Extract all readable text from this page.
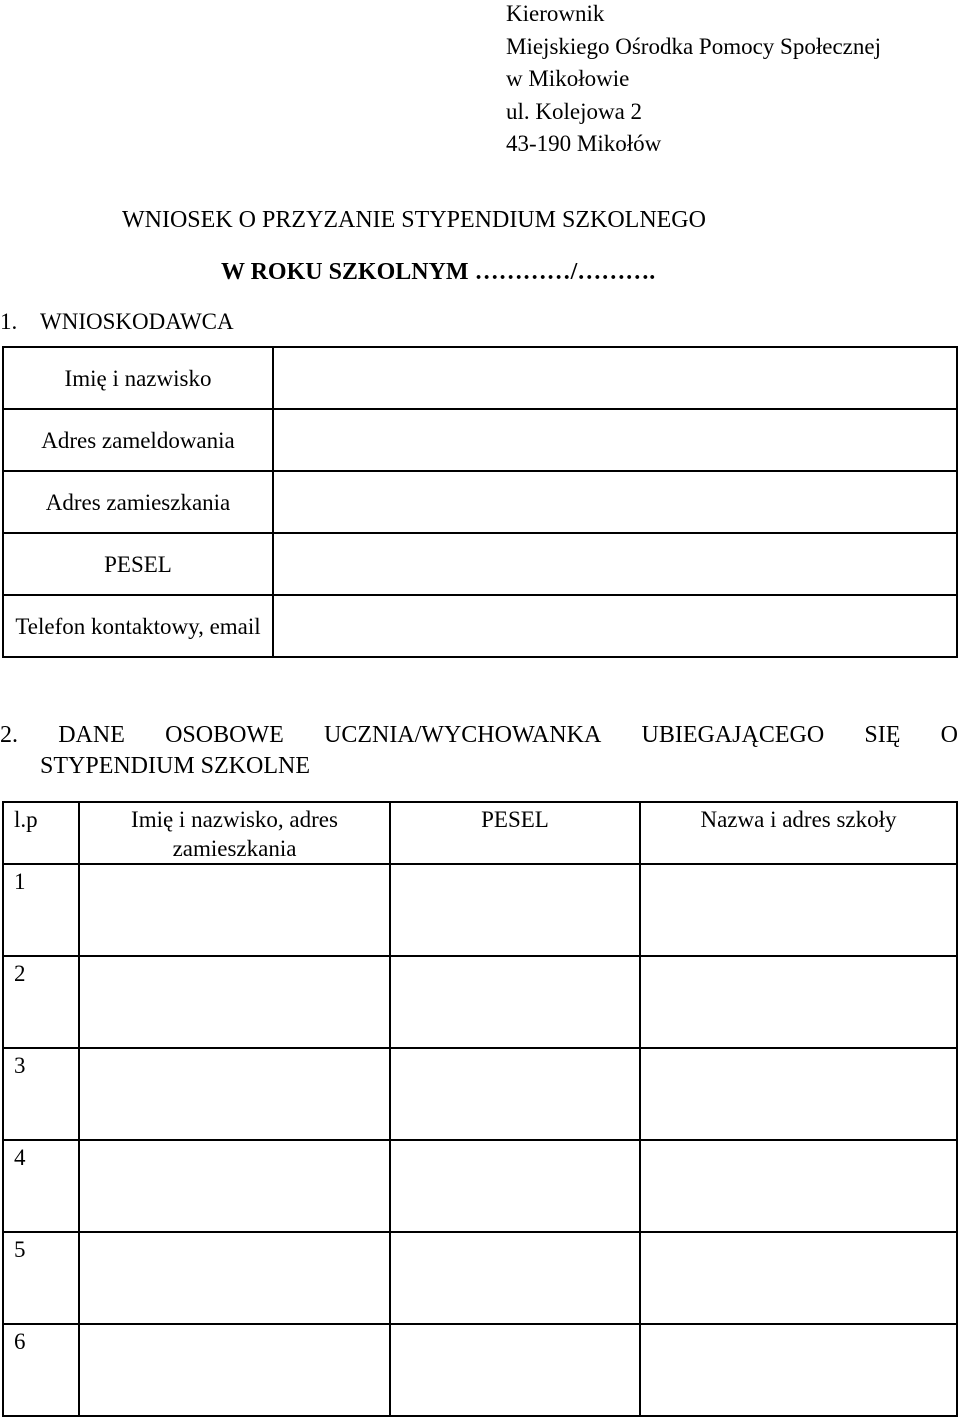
Kierownik
Miejskiego Ośrodka Pomocy Społecznej
w Mikołowie
ul. Kolejowa 2
43-190 Mikołów
WNIOSEK O PRZYZANIE STYPENDIUM SZKOLNEGO
W ROKU SZKOLNYM …………/……….
1. WNIOSKODAWCA
Imię i nazwisko	
Adres zameldowania	
Adres zamieszkania	
PESEL	
Telefon kontaktowy, email	
2. DANE OSOBOWE UCZNIA/WYCHOWANKA UBIEGAJĄCEGO SIĘ O
STYPENDIUM SZKOLNE
l.p	Imię i nazwisko, adres zamieszkania	PESEL	Nazwa i adres szkoły
1			
2			
3			
4			
5			
6			
